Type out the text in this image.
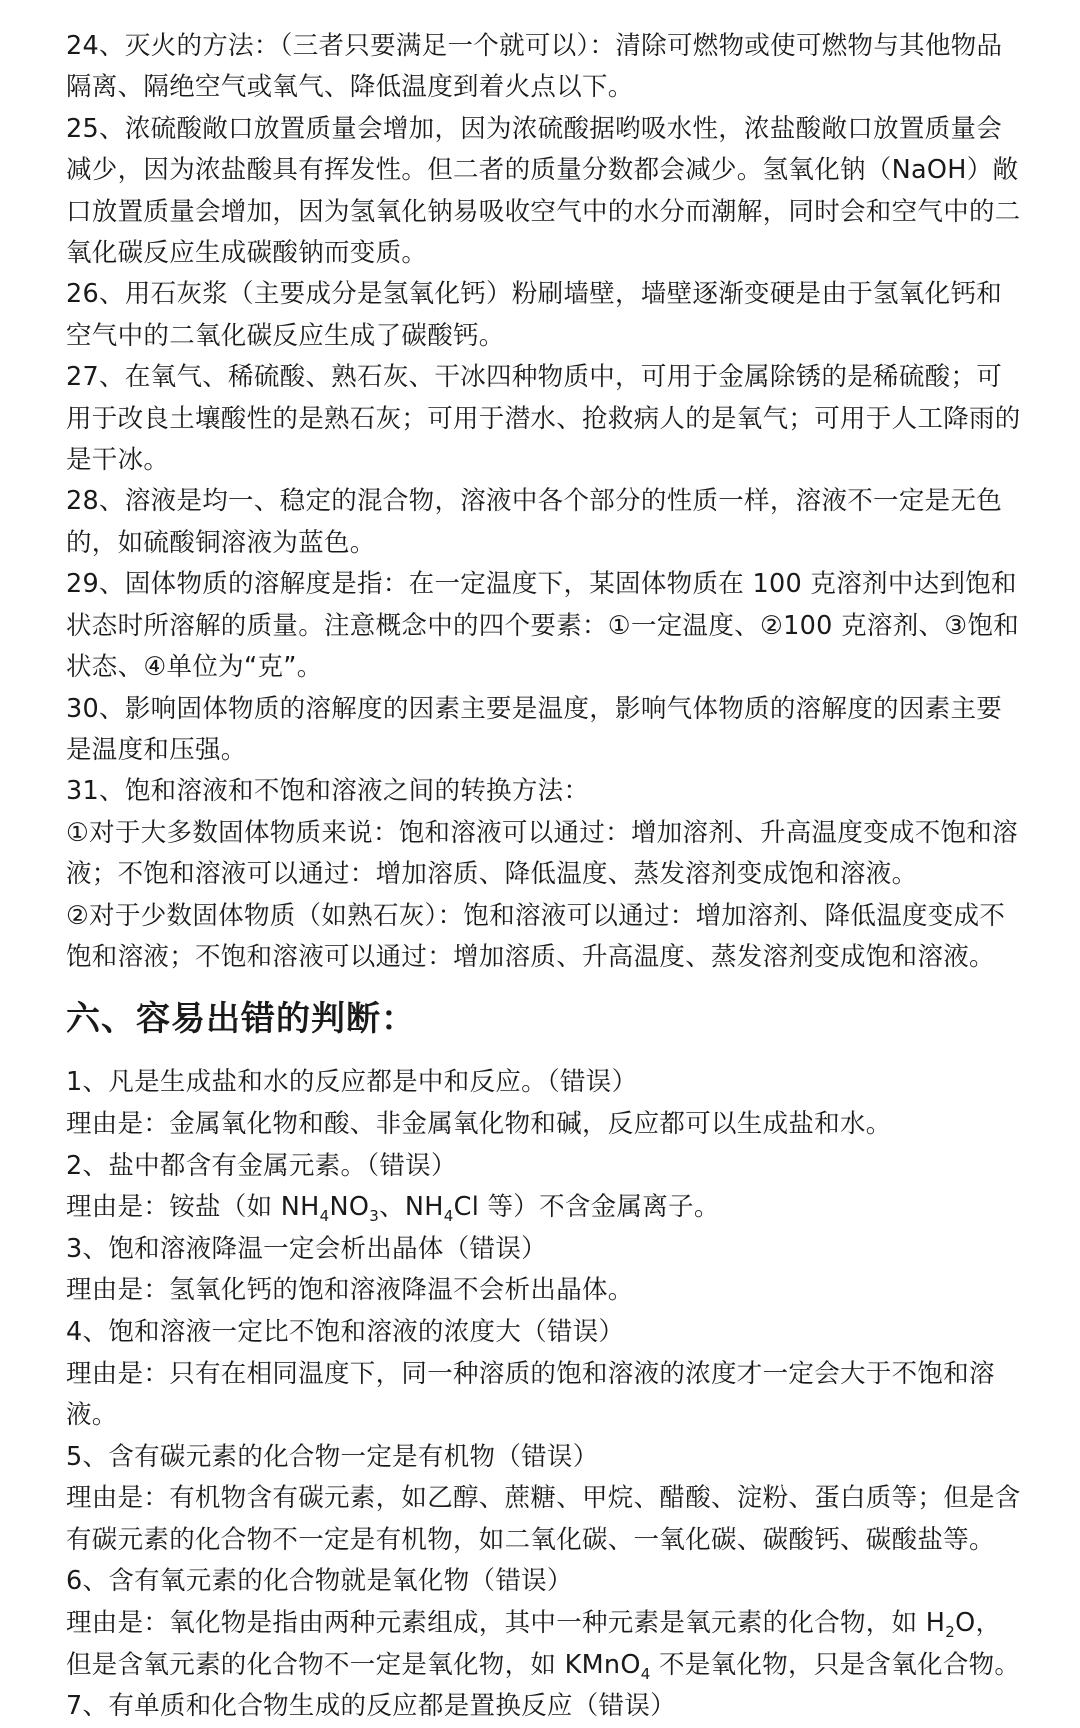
24、灭火的方法：（三者只要满足一个就可以）：清除可燃物或使可燃物与其他物品隔离、隔绝空气或氧气、降低温度到着火点以下。

25、浓硫酸敞口放置质量会增加，因为浓硫酸据哟吸水性，浓盐酸敞口放置质量会减少，因为浓盐酸具有挥发性。但二者的质量分数都会减少。氢氧化钠（NaOH）敞口放置质量会增加，因为氢氧化钠易吸收空气中的水分而潮解，同时会和空气中的二氧化碳反应生成碳酸钠而变质。

26、用石灰浆（主要成分是氢氧化钙）粉刷墙壁，墙壁逐渐变硬是由于氢氧化钙和空气中的二氧化碳反应生成了碳酸钙。

27、在氧气、稀硫酸、熟石灰、干冰四种物质中，可用于金属除锈的是稀硫酸；可用于改良土壤酸性的是熟石灰；可用于潜水、抢救病人的是氧气；可用于人工降雨的是干冰。

28、溶液是均一、稳定的混合物，溶液中各个部分的性质一样，溶液不一定是无色的，如硫酸铜溶液为蓝色。

29、固体物质的溶解度是指：在一定温度下，某固体物质在 100 克溶剂中达到饱和状态时所溶解的质量。注意概念中的四个要素：①一定温度、②100 克溶剂、③饱和状态、④单位为“克”。

30、影响固体物质的溶解度的因素主要是温度，影响气体物质的溶解度的因素主要是温度和压强。

31、饱和溶液和不饱和溶液之间的转换方法：

①对于大多数固体物质来说：饱和溶液可以通过：增加溶剂、升高温度变成不饱和溶液；不饱和溶液可以通过：增加溶质、降低温度、蒸发溶剂变成饱和溶液。

②对于少数固体物质（如熟石灰）：饱和溶液可以通过：增加溶剂、降低温度变成不饱和溶液；不饱和溶液可以通过：增加溶质、升高温度、蒸发溶剂变成饱和溶液。

六、容易出错的判断：

1、凡是生成盐和水的反应都是中和反应。（错误）

理由是：金属氧化物和酸、非金属氧化物和碱，反应都可以生成盐和水。

2、盐中都含有金属元素。（错误）

理由是：铵盐（如 $NH_4NO_3$、$NH_4Cl$ 等）不含金属离子。

3、饱和溶液降温一定会析出晶体（错误）

理由是：氢氧化钙的饱和溶液降温不会析出晶体。

4、饱和溶液一定比不饱和溶液的浓度大（错误）

理由是：只有在相同温度下，同一种溶质的饱和溶液的浓度才一定会大于不饱和溶液。

5、含有碳元素的化合物一定是有机物（错误）

理由是：有机物含有碳元素，如乙醇、蔗糖、甲烷、醋酸、淀粉、蛋白质等；但是含有碳元素的化合物不一定是有机物，如二氧化碳、一氧化碳、碳酸钙、碳酸盐等。

6、含有氧元素的化合物就是氧化物（错误）

理由是：氧化物是指由两种元素组成，其中一种元素是氧元素的化合物，如 $H_2O$，但是含氧元素的化合物不一定是氧化物，如 KMnO$_4$ 不是氧化物，只是含氧化合物。

7、有单质和化合物生成的反应都是置换反应（错误）
